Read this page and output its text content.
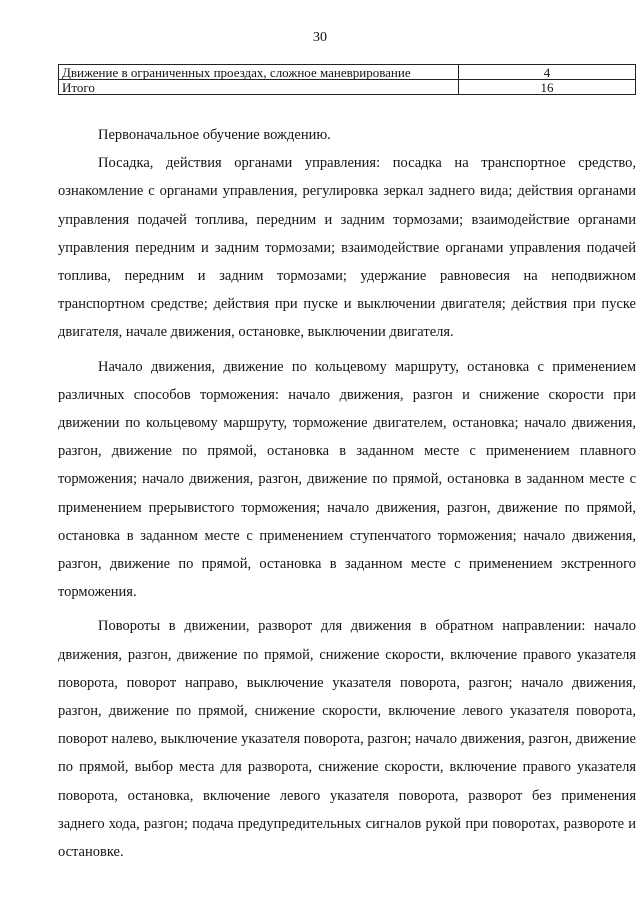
30
Движение в ограниченных проездах, сложное маневрирование	4
Итого	16

Первоначальное обучение вождению.

Посадка, действия органами управления: посадка на транспортное средство, ознакомление с органами управления, регулировка зеркал заднего вида; действия органами управления подачей топлива, передним и задним тормозами; взаимодействие органами управления передним и задним тормозами; взаимодействие органами управления подачей топлива, передним и задним тормозами; удержание равновесия на неподвижном транспортном средстве; действия при пуске и выключении двигателя; действия при пуске двигателя, начале движения, остановке, выключении двигателя.

Начало движения, движение по кольцевому маршруту, остановка с применением различных способов торможения: начало движения, разгон и снижение скорости при движении по кольцевому маршруту, торможение двигателем, остановка; начало движения, разгон, движение по прямой, остановка в заданном месте с применением плавного торможения; начало движения, разгон, движение по прямой, остановка в заданном месте с применением прерывистого торможения; начало движения, разгон, движение по прямой, остановка в заданном месте с применением ступенчатого торможения; начало движения, разгон, движение по прямой, остановка в заданном месте с применением экстренного торможения.

Повороты в движении, разворот для движения в обратном направлении: начало движения, разгон, движение по прямой, снижение скорости, включение правого указателя поворота, поворот направо, выключение указателя поворота, разгон; начало движения, разгон, движение по прямой, снижение скорости, включение левого указателя поворота, поворот налево, выключение указателя поворота, разгон; начало движения, разгон, движение по прямой, выбор места для разворота, снижение скорости, включение правого указателя поворота, остановка, включение левого указателя поворота, разворот без применения заднего хода, разгон; подача предупредительных сигналов рукой при поворотах, развороте и остановке.
